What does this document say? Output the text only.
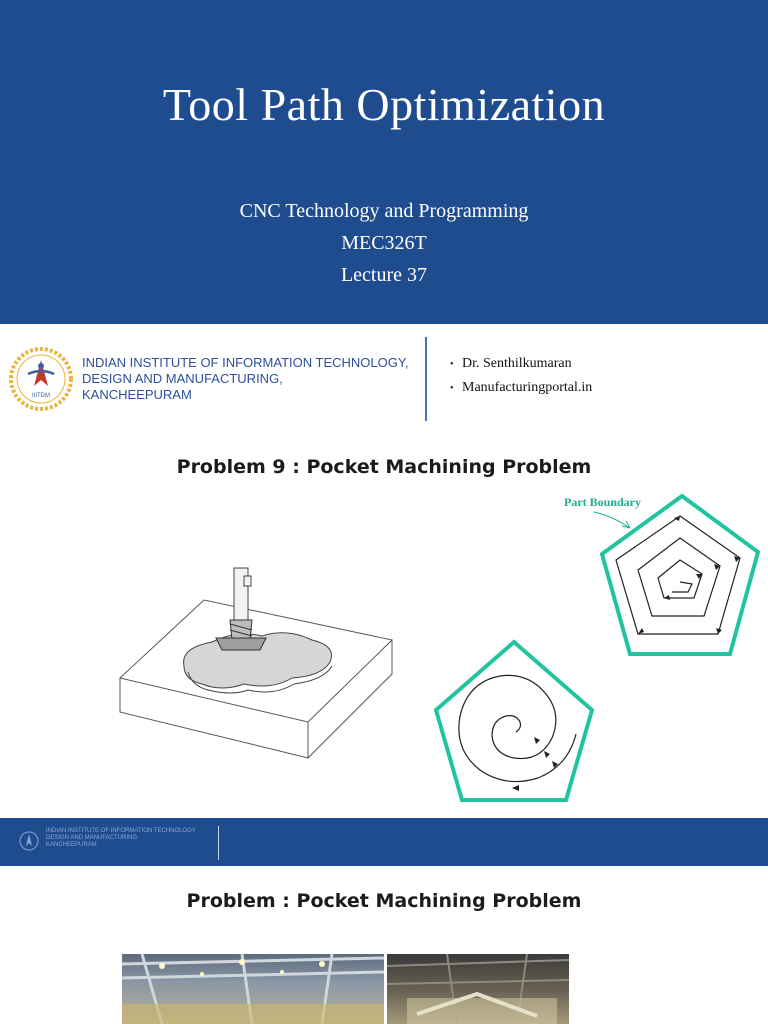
Tool Path Optimization
CNC Technology and Programming
MEC326T
Lecture 37
IIITDM
INDIAN INSTITUTE OF INFORMATION TECHNOLOGY,
DESIGN AND MANUFACTURING,
KANCHEEPURAM
• Dr. Senthilkumaran
• Manufacturingportal.in
Problem 9 : Pocket Machining Problem
Part Boundary
INDIAN INSTITUTE OF INFORMATION TECHNOLOGY
DESIGN AND MANUFACTURING
KANCHEEPURAM
Problem : Pocket Machining Problem
